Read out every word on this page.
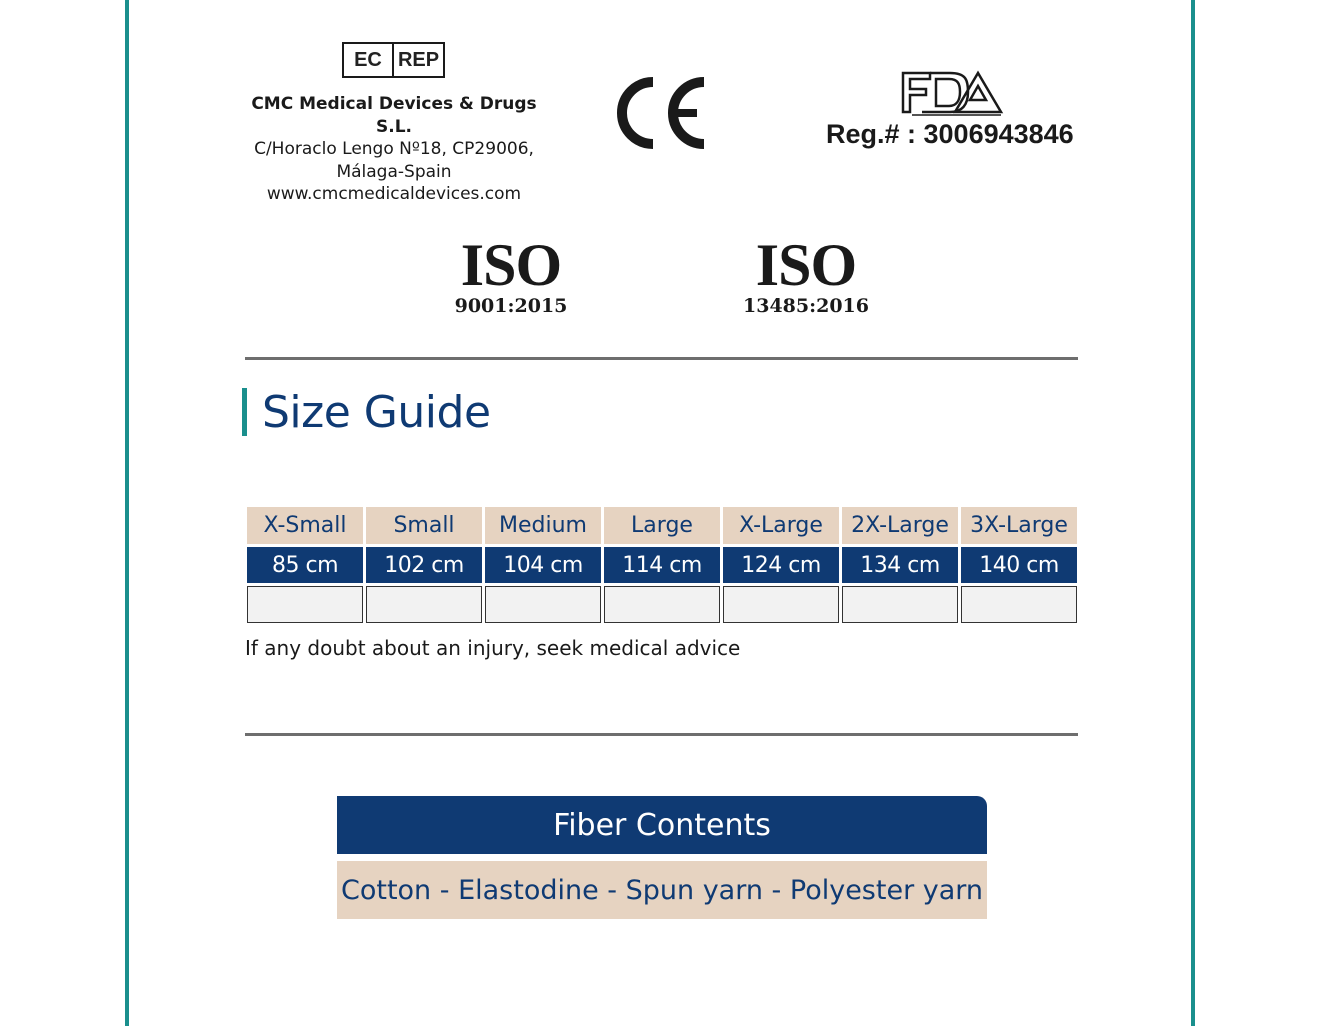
EC REP
CMC Medical Devices & Drugs S.L.
C/Horaclo Lengo Nº18, CP29006,
Málaga-Spain
www.cmcmedicaldevices.com
Reg.# : 3006943846
ISO
9001:2015
ISO
13485:2016
Size Guide
X-Small	Small	Medium	Large	X-Large	2X-Large 3X-Large
85 cm	102 cm	104 cm	114 cm	124 cm	134 cm	140 cm
If any doubt about an injury, seek medical advice
Fiber Contents
Cotton - Elastodine - Spun yarn - Polyester yarn
